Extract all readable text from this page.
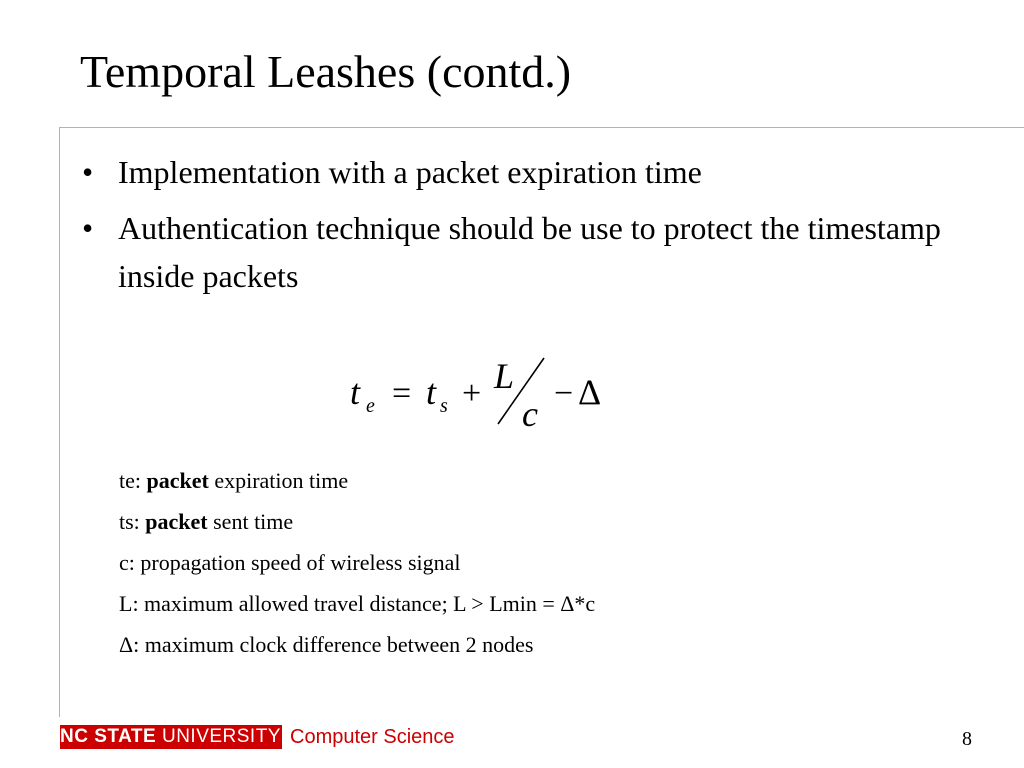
Temporal Leashes (contd.)
• Implementation with a packet expiration time
• Authentication technique should be use to protect the timestamp inside packets
t e = t s + L
c
− Δ
te: packet expiration time
ts: packet sent time
c: propagation speed of wireless signal
L: maximum allowed travel distance; L > Lmin = Δ*c
Δ: maximum clock difference between 2 nodes
NC STATE UNIVERSITY Computer Science	8
